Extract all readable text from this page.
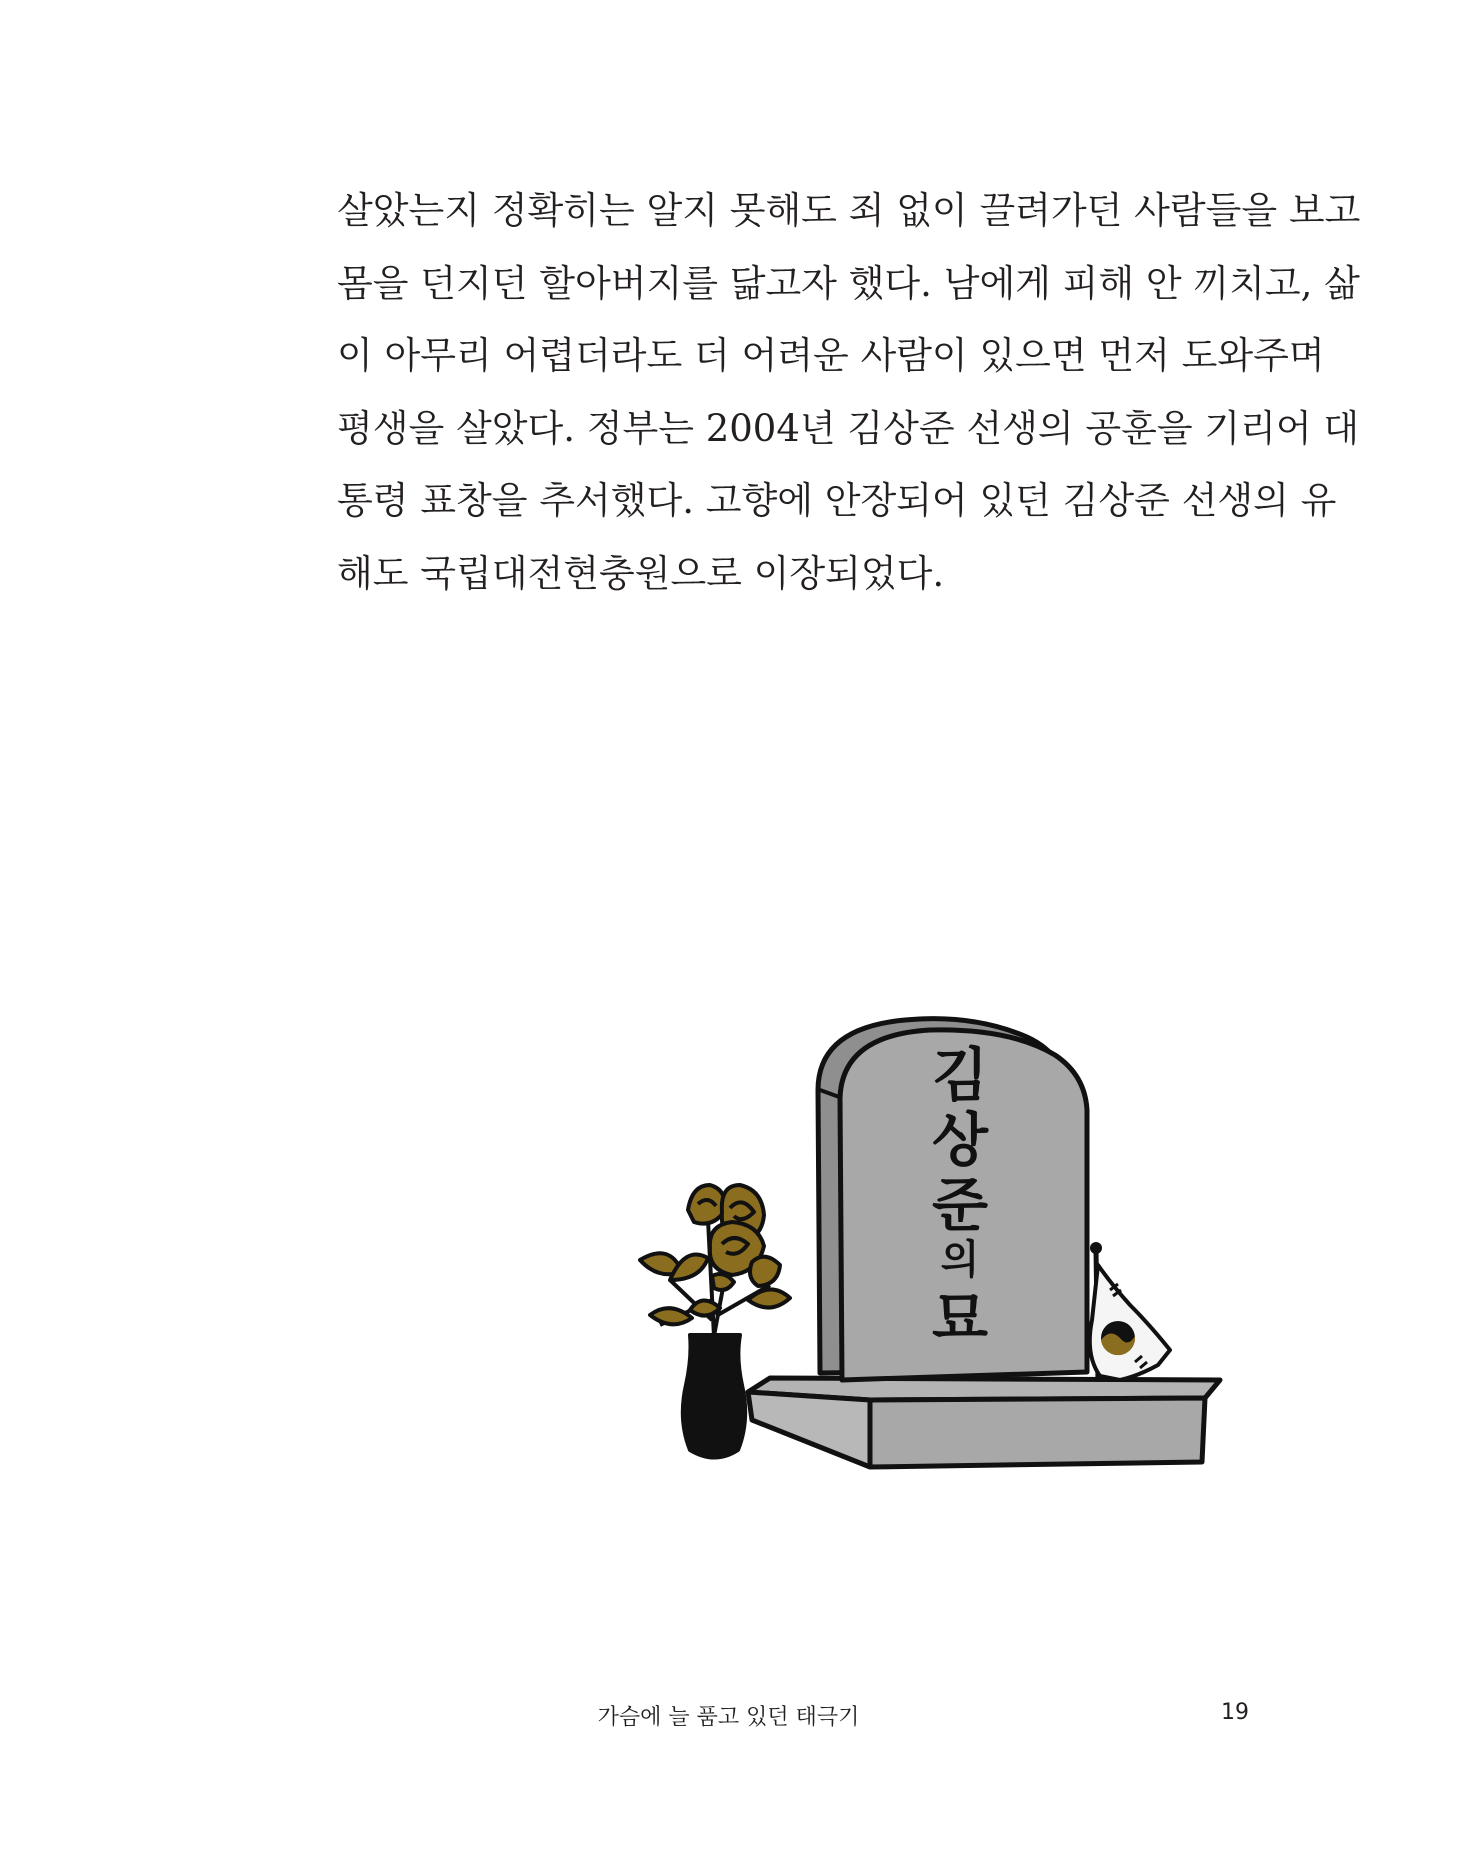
살았는지 정확히는 알지 못해도 죄 없이 끌려가던 사람들을 보고
몸을 던지던 할아버지를 닮고자 했다. 남에게 피해 안 끼치고, 삶
이 아무리 어렵더라도 더 어려운 사람이 있으면 먼저 도와주며
평생을 살았다. 정부는 2004년 김상준 선생의 공훈을 기리어 대
통령 표창을 추서했다. 고향에 안장되어 있던 김상준 선생의 유
해도 국립대전현충원으로 이장되었다.
김
상
준
의
묘
가슴에 늘 품고 있던 태극기	19
